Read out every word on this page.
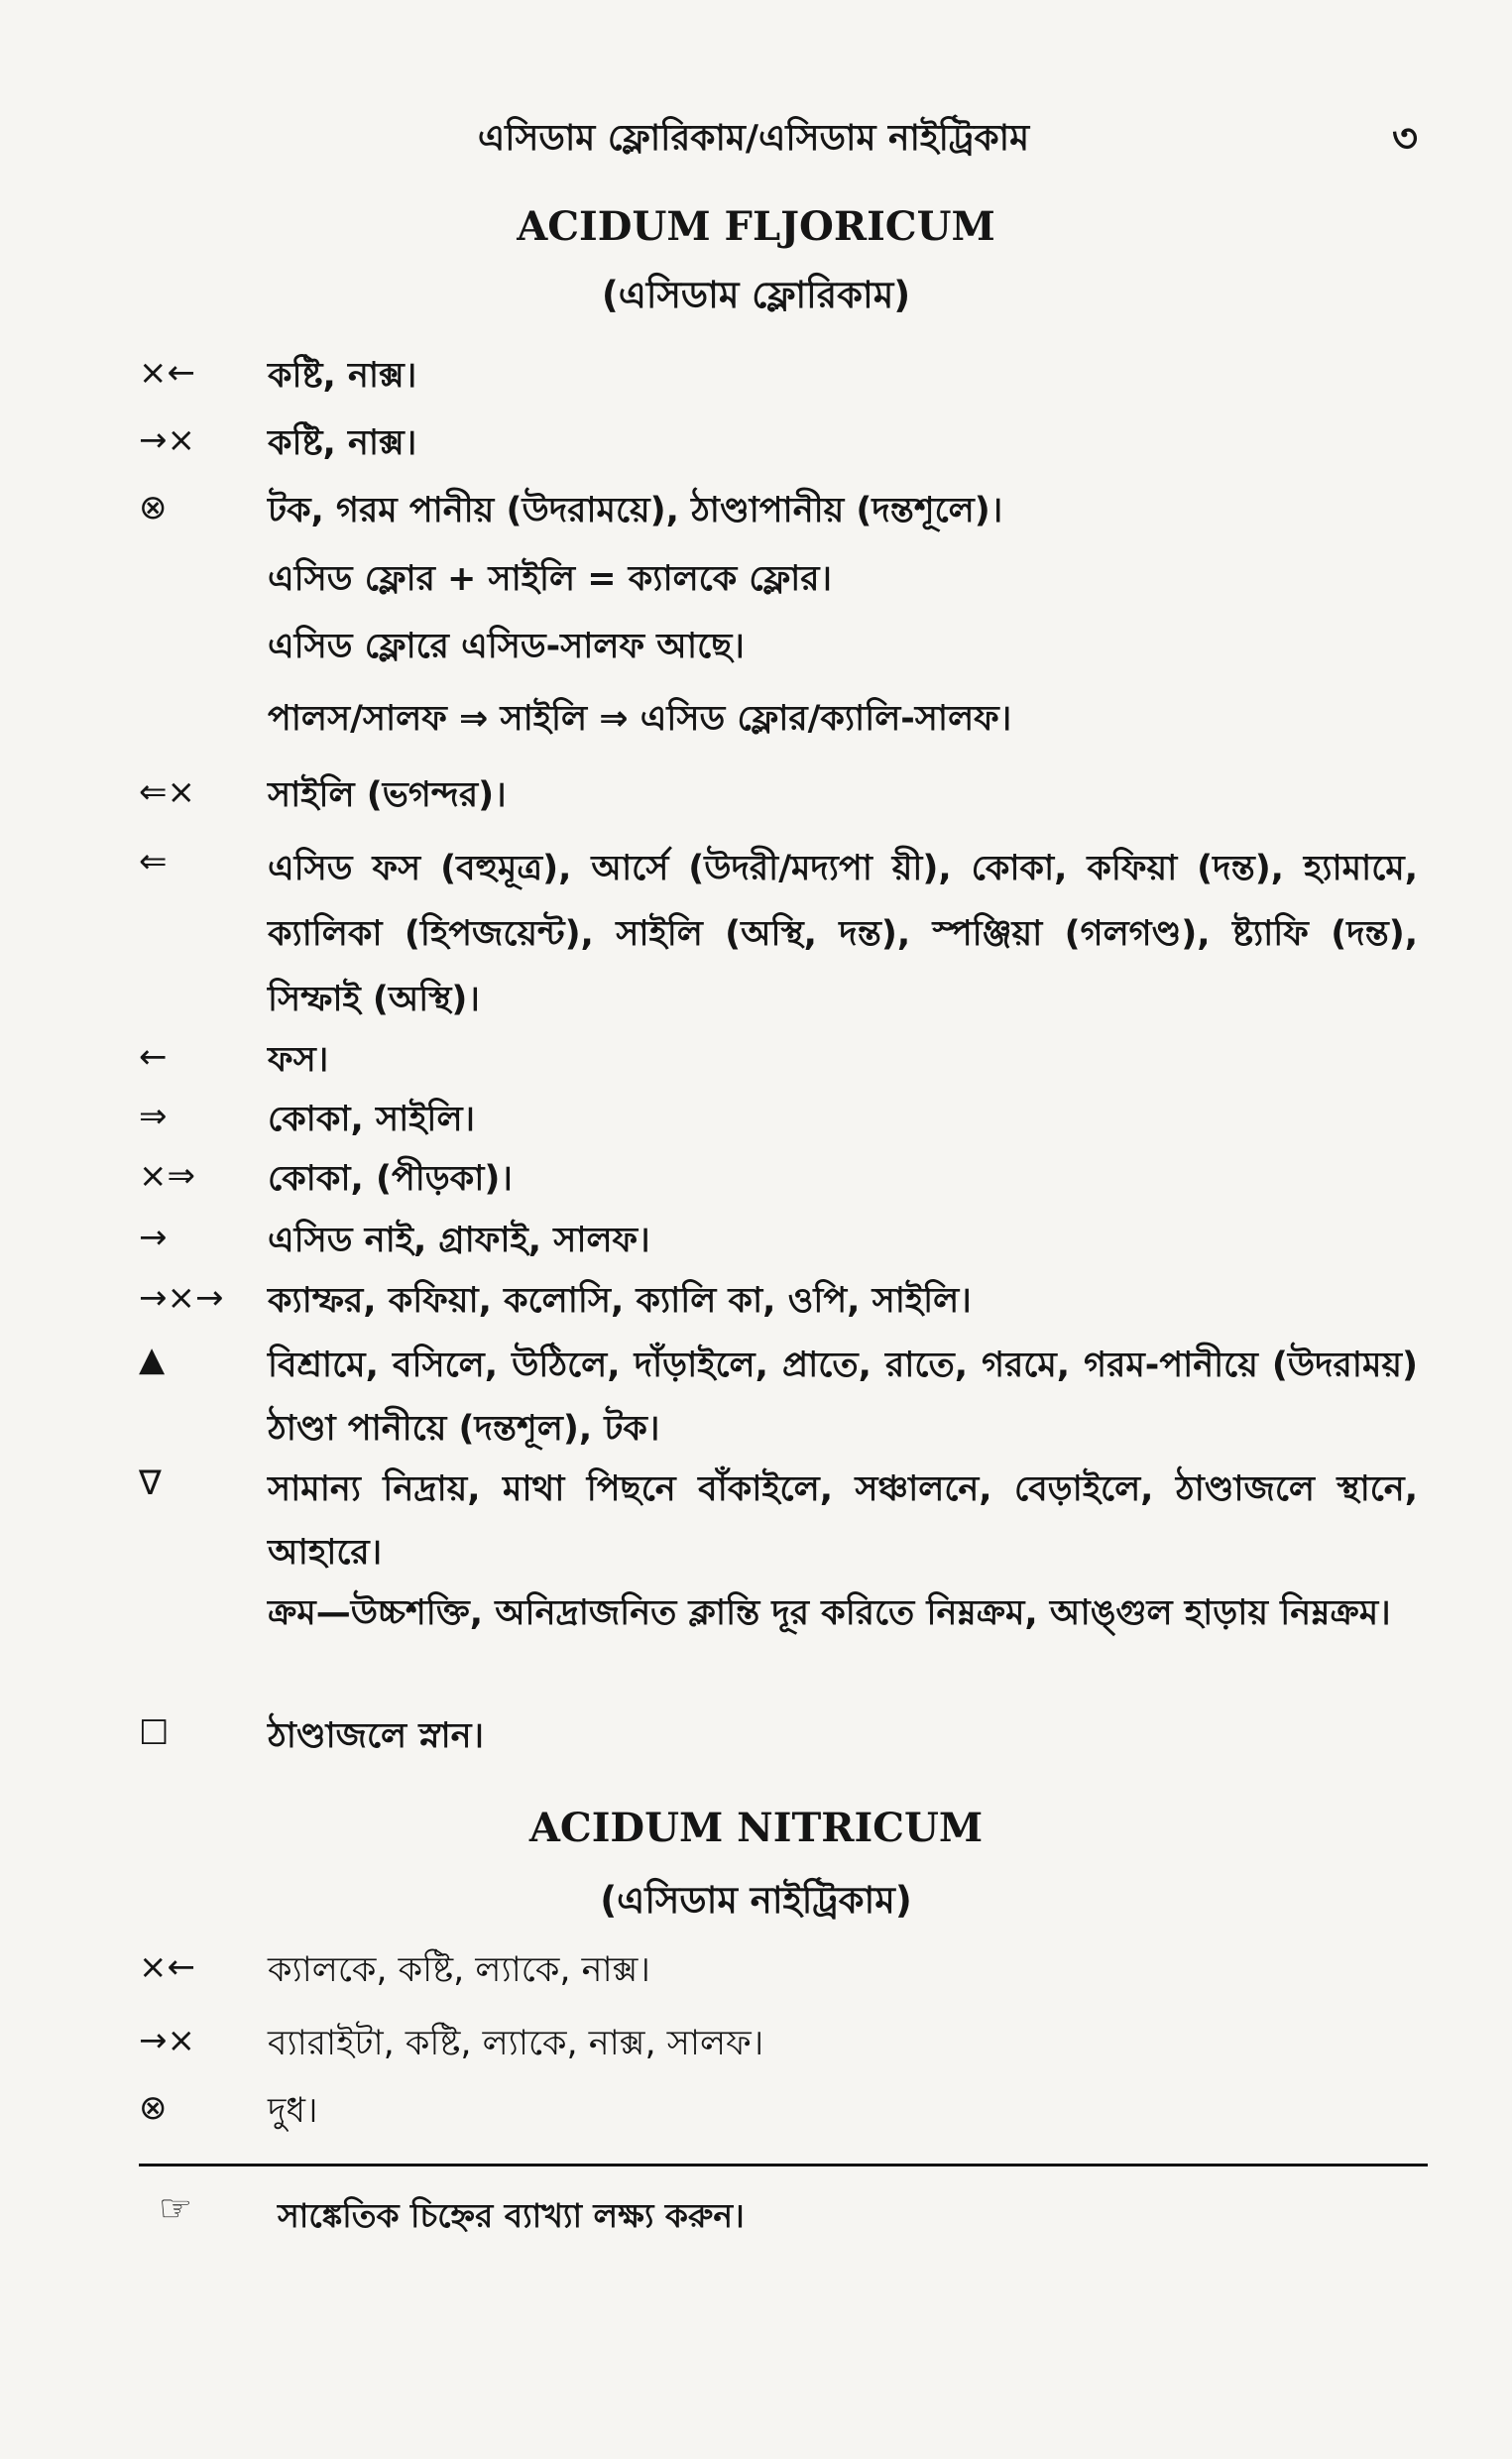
এসিডাম ফ্লোরিকাম/এসিডাম নাইট্রিকাম	৩
ACIDUM FLJORICUM
(এসিডাম ফ্লোরিকাম)
×←	কষ্টি, নাক্স।
→×	কষ্টি, নাক্স।
⊗	টক, গরম পানীয় (উদরাময়ে), ঠাণ্ডাপানীয় (দন্তশূলে)।
এসিড ফ্লোর + সাইলি = ক্যালকে ফ্লোর।
এসিড ফ্লোরে এসিড-সালফ আছে।
পালস/সালফ ⇒ সাইলি ⇒ এসিড ফ্লোর/ক্যালি-সালফ।
⇐×	সাইলি (ভগন্দর)।
⇐	এসিড ফস (বহুমূত্র), আর্সে (উদরী/মদ্যপা য়ী), কোকা, কফিয়া (দন্ত), হ্যামামে, ক্যালিকা (হিপজয়েন্ট), সাইলি (অস্থি, দন্ত), স্পঞ্জিয়া (গলগণ্ড), ষ্ট্যাফি (দন্ত), সিম্ফাই (অস্থি)।
←	ফস।
⇒	কোকা, সাইলি।
×⇒	কোকা, (পীড়কা)।
→	এসিড নাই, গ্রাফাই, সালফ।
→×→	ক্যাম্ফর, কফিয়া, কলোসি, ক্যালি কা, ওপি, সাইলি।
▲	বিশ্রামে, বসিলে, উঠিলে, দাঁড়াইলে, প্রাতে, রাতে, গরমে, গরম-পানীয়ে (উদরাময়) ঠাণ্ডা পানীয়ে (দন্তশূল), টক।
∇	সামান্য নিদ্রায়, মাথা পিছনে বাঁকাইলে, সঞ্চালনে, বেড়াইলে, ঠাণ্ডাজলে স্থানে, আহারে।
ক্রম—উচ্চশক্তি, অনিদ্রাজনিত ক্লান্তি দূর করিতে নিম্নক্রম, আঙ্গুল হাড়ায় নিম্নক্রম।
☐	ঠাণ্ডাজলে স্নান।
ACIDUM NITRICUM
(এসিডাম নাইট্রিকাম)
×←	ক্যালকে, কষ্টি, ল্যাকে, নাক্স।
→×	ব্যারাইটা, কষ্টি, ল্যাকে, নাক্স, সালফ।
⊗	দুধ।
☞	সাঙ্কেতিক চিহ্নের ব্যাখ্যা লক্ষ্য করুন।
